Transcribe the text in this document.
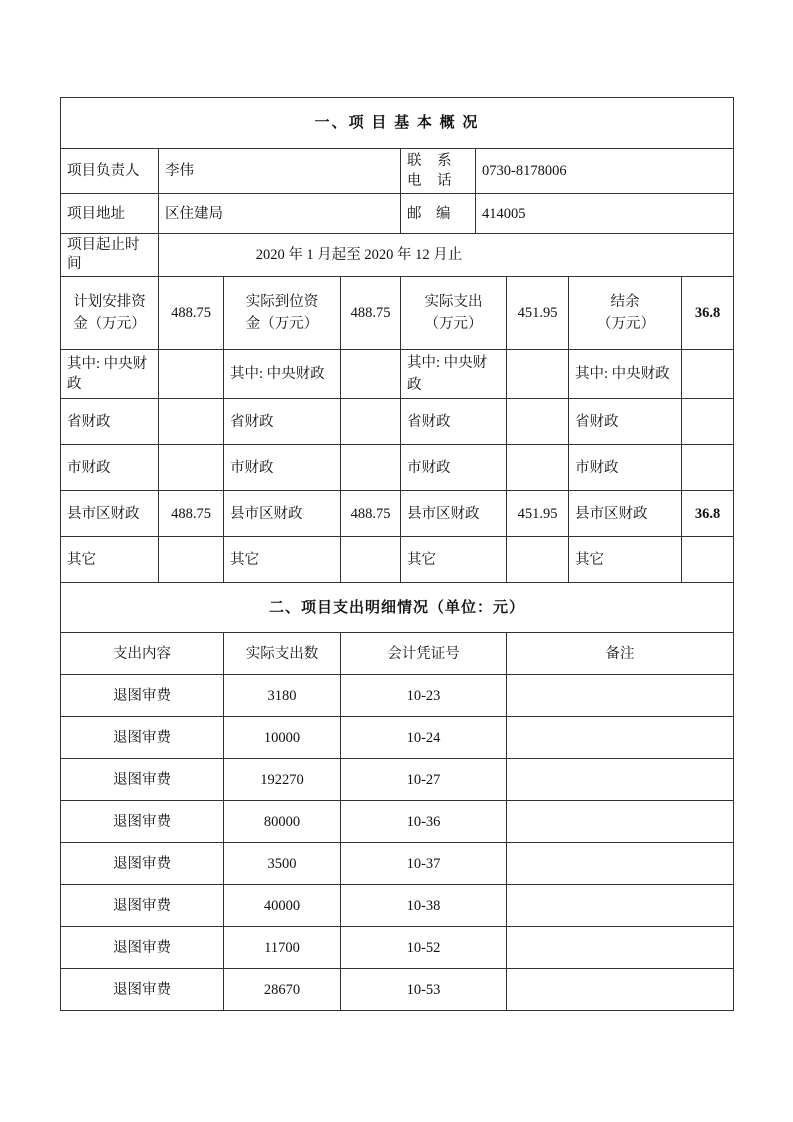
一、项 目 基 本 概 况								
项目负责人	李伟			联 系 电 话	0730-8178006			
项目地址	区住建局			邮　编	414005			
项目起止时间	2020 年 1 月起至 2020 年 12 月止							
计划安排资金（万元）	488.75	实际到位资金（万元）	488.75	实际支出（万元）		451.95	结余（万元）	36.8
其中: 中央财政		其中: 中央财政		其中: 中央财政			其中: 中央财政	
省财政		省财政		省财政			省财政	
市财政		市财政		市财政			市财政	
县市区财政	488.75	县市区财政	488.75	县市区财政		451.95	县市区财政	36.8
其它		其它		其它			其它	
二、项目支出明细情况（单位：元）								
支出内容		实际支出数	会计凭证号			备注		
退图审费		3180	10-23					
退图审费		10000	10-24					
退图审费		192270	10-27					
退图审费		80000	10-36					
退图审费		3500	10-37					
退图审费		40000	10-38					
退图审费		11700	10-52					
退图审费		28670	10-53					
